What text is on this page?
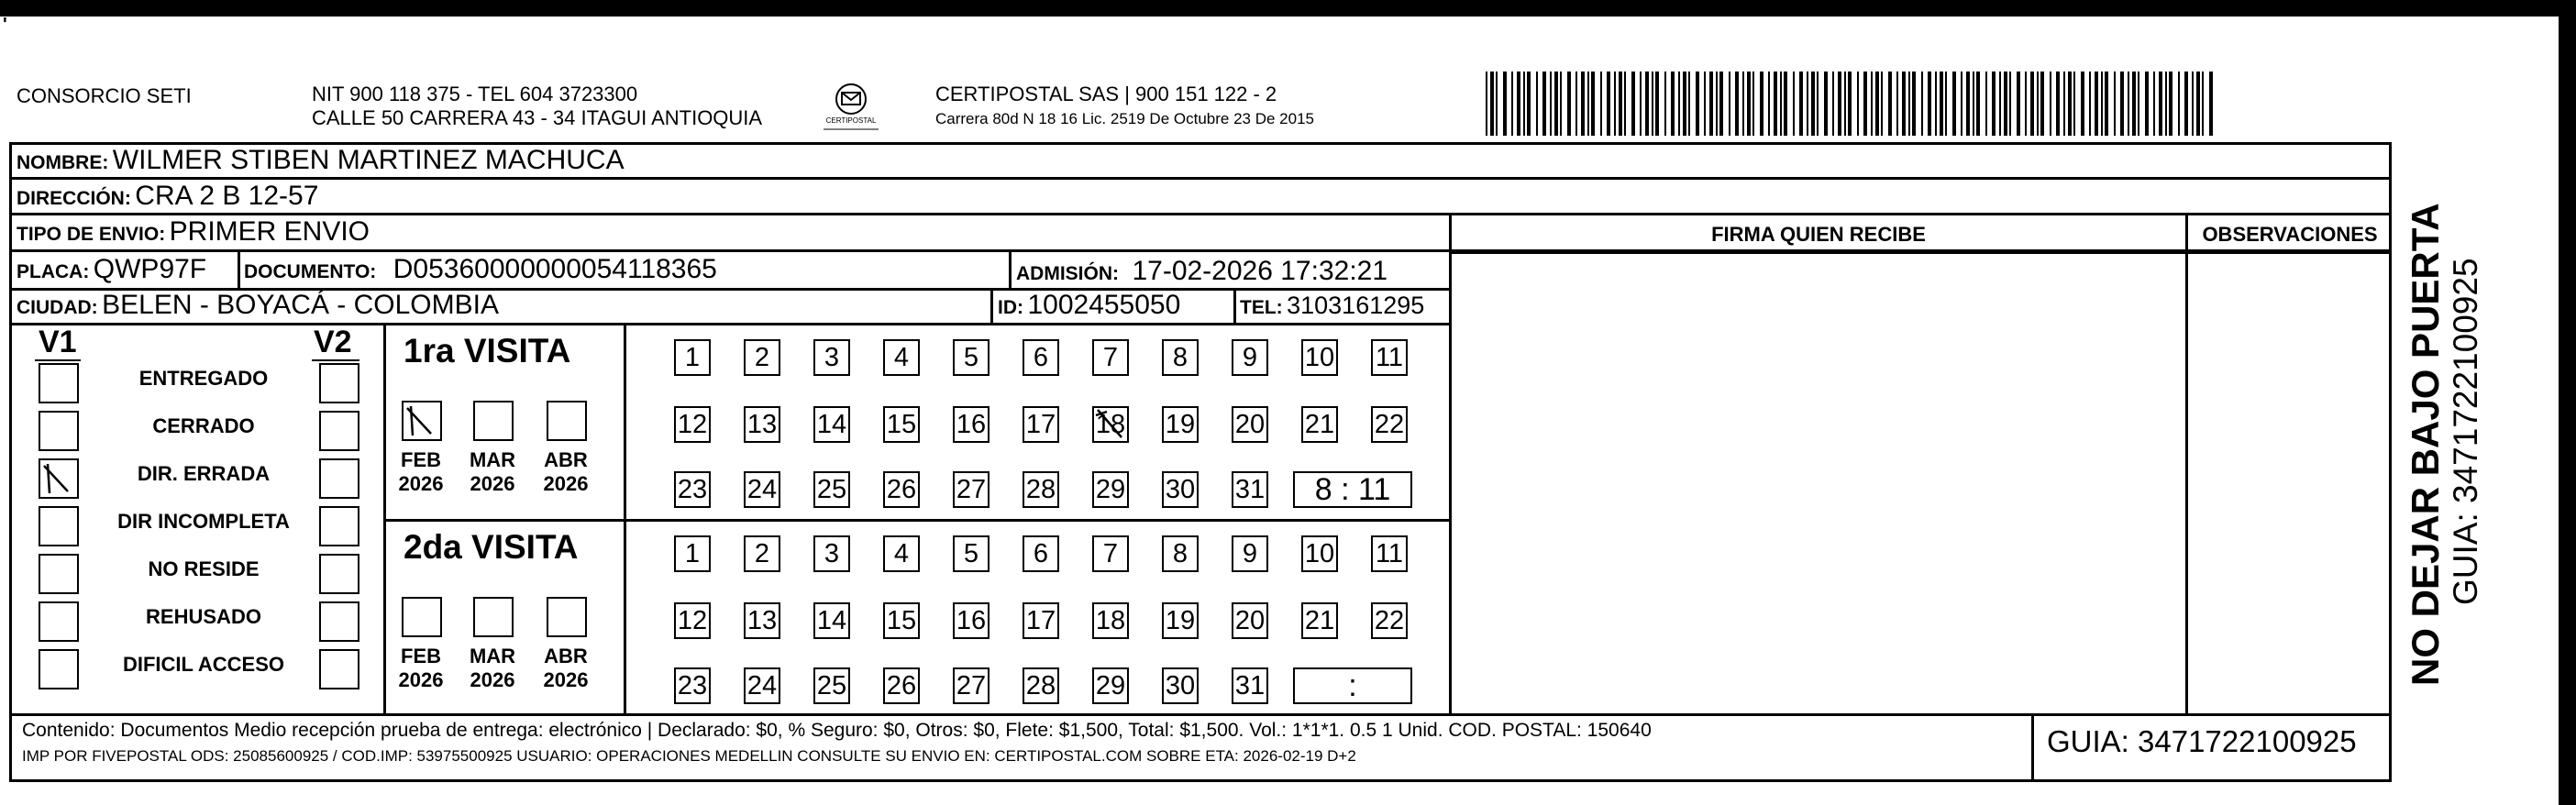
'
CONSORCIO SETI	NIT 900 118 375 - TEL 604 3723300
CALLE 50 CARRERA 43 - 34 ITAGUI ANTIOQUIA	CERTIPOSTAL
CERTIPOSTAL SAS | 900 151 122 - 2
Carrera 80d N 18 16 Lic. 2519 De Octubre 23 De 2015
NOMBRE: WILMER STIBEN MARTINEZ MACHUCA
DIRECCIÓN: CRA 2 B 12-57
TIPO DE ENVIO: PRIMER ENVIO
PLACA: QWP97F DOCUMENTO: D05360000000054118365	ADMISIÓN: 17-02-2026 17:32:21
CIUDAD: BELEN - BOYACÁ - COLOMBIA	ID: 1002455050	TEL: 3103161295
FIRMA QUIEN RECIBE	OBSERVACIONES
V1	V2
ENTREGADO
CERRADO
DIR. ERRADA
DIR INCOMPLETA
NO RESIDE
REHUSADO
DIFICIL ACCESO
1ra VISITA
2da VISITA
FEB
2026
MAR
2026
ABR
2026
1	2	3	4	5	6	7	8	9	10 11
12 13 14 15 16 17 18 19 20 21 22
23 24 25 26 27 28 29 30 31	8 : 11
FEB
2026
MAR
2026
ABR
2026
1	2	3	4	5	6	7	8	9	10 11
12 13 14 15 16 17 18 19 20 21 22
23 24 25 26 27 28 29 30 31	:
Contenido: Documentos Medio recepción prueba de entrega: electrónico | Declarado: $0, % Seguro: $0, Otros: $0, Flete: $1,500, Total: $1,500. Vol.: 1*1*1. 0.5 1 Unid. COD. POSTAL: 150640
IMP POR FIVEPOSTAL ODS: 25085600925 / COD.IMP: 53975500925 USUARIO: OPERACIONES MEDELLIN CONSULTE SU ENVIO EN: CERTIPOSTAL.COM SOBRE ETA: 2026-02-19 D+2	GUIA: 3471722100925
NO DEJAR BAJO PUERTA GUIA: 3471722100925
